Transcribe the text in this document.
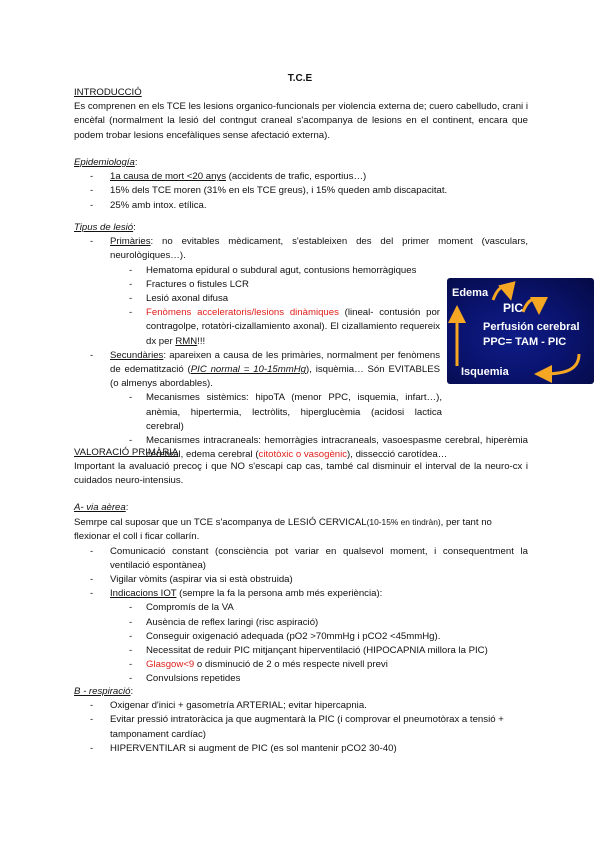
T.C.E

INTRODUCCIÓ

Es comprenen en els TCE les lesions organico-funcionals per violencia externa de; cuero cabelludo, crani i encèfal (normalment la lesió del contngut craneal s'acompanya de lesions en el continent, encara que podem trobar lesions encefàliques sense afectació externa).

Epidemiología:

- 1a causa de mort <20 anys (accidents de trafic, esportius…)

- 15% dels TCE moren (31% en els TCE greus), i 15% queden amb discapacitat.

- 25% amb intox. etílica.

Tipus de lesió:

- Primàries: no evitables mèdicament, s'estableixen des del primer moment (vasculars, neurològiques…).

- Hematoma epidural o subdural agut, contusions hemorràgiques

- Fractures o fistules LCR

- Lesió axonal difusa

- Fenòmens acceleratoris/lesions dinàmiques (lineal- contusión por contragolpe, rotatòri-cizallamiento axonal). El cizallamiento requereix dx per RMN!!!

- Secundàries: apareixen a causa de les primàries, normalment per fenòmens de edematització (PIC normal = 10-15mmHg), isquèmia… Són EVITABLES (o almenys abordables).

- Mecanismes sistèmics: hipoTA (menor PPC, isquemia, infart…), anèmia, hipertermia, lectròlits, hiperglucèmia (acidosi lactica cerebral)

- Mecanismes intracraneals: hemorràgies intracraneals, vasoespasme cerebral, hiperèmia cerebral, edema cerebral (citotòxic o vasogènic), dissecció carotídea…

Edema
PIC
Perfusión cerebral
PPC= TAM - PIC
Isquemia

VALORACIÓ PRIMÀRIA

Important la avaluació precoç i que NO s'escapi cap cas, també cal disminuir el interval de la neuro-cx i cuidados neuro-intensius.

A- via aèrea:

Semrpe cal suposar que un TCE s'acompanya de LESIÓ CERVICAL(10-15% en tindràn), per tant no flexionar el coll i ficar collarín.

- Comunicació constant (consciència pot variar en qualsevol moment, i consequentment la ventilació espontànea)

- Vigilar vòmits (aspirar via si està obstruida)

- Indicacions IOT (sempre la fa la persona amb més experiència):

- Compromís de la VA

- Ausència de reflex laringi (risc aspiració)

- Conseguir oxigenació adequada (pO2 >70mmHg i pCO2 <45mmHg).

- Necessitat de reduir PIC mitjançant hiperventilació (HIPOCAPNIA millora la PIC)

- Glasgow<9 o disminució de 2 o més respecte nivell previ

- Convulsions repetides

B - respiració:

- Oxigenar d'inici + gasometría ARTERIAL; evitar hipercapnia.

- Evitar pressió intratoràcica ja que augmentarà la PIC (i comprovar el pneumotòrax a tensió + tamponament cardíac)

- HIPERVENTILAR si augment de PIC (es sol mantenir pCO2 30-40)
